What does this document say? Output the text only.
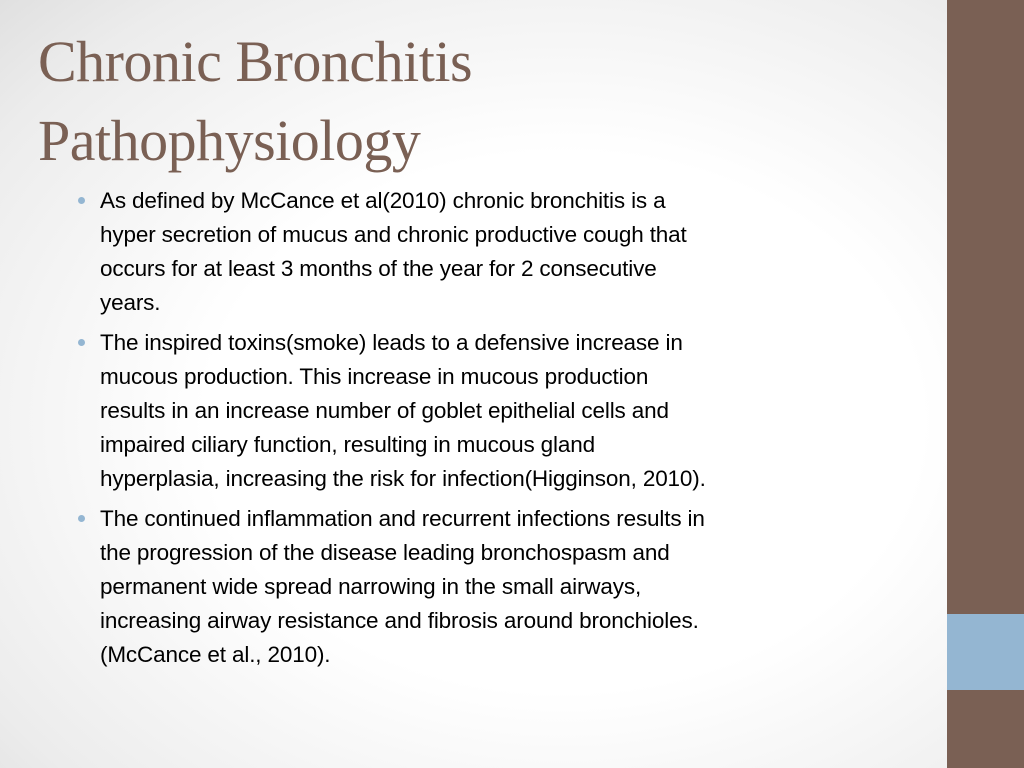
Chronic Bronchitis
Pathophysiology
As defined by McCance et al(2010) chronic bronchitis is a
hyper secretion of mucus and chronic productive cough that
occurs for at least 3 months of the year for 2 consecutive
years.
The inspired toxins(smoke) leads to a defensive increase in
mucous production. This increase in mucous production
results in an increase number of goblet epithelial cells and
impaired ciliary function, resulting in mucous gland
hyperplasia, increasing the risk for infection(Higginson, 2010).
The continued inflammation and recurrent infections results in
the progression of the disease leading bronchospasm and
permanent wide spread narrowing in the small airways,
increasing airway resistance and fibrosis around bronchioles.
(McCance et al., 2010).
